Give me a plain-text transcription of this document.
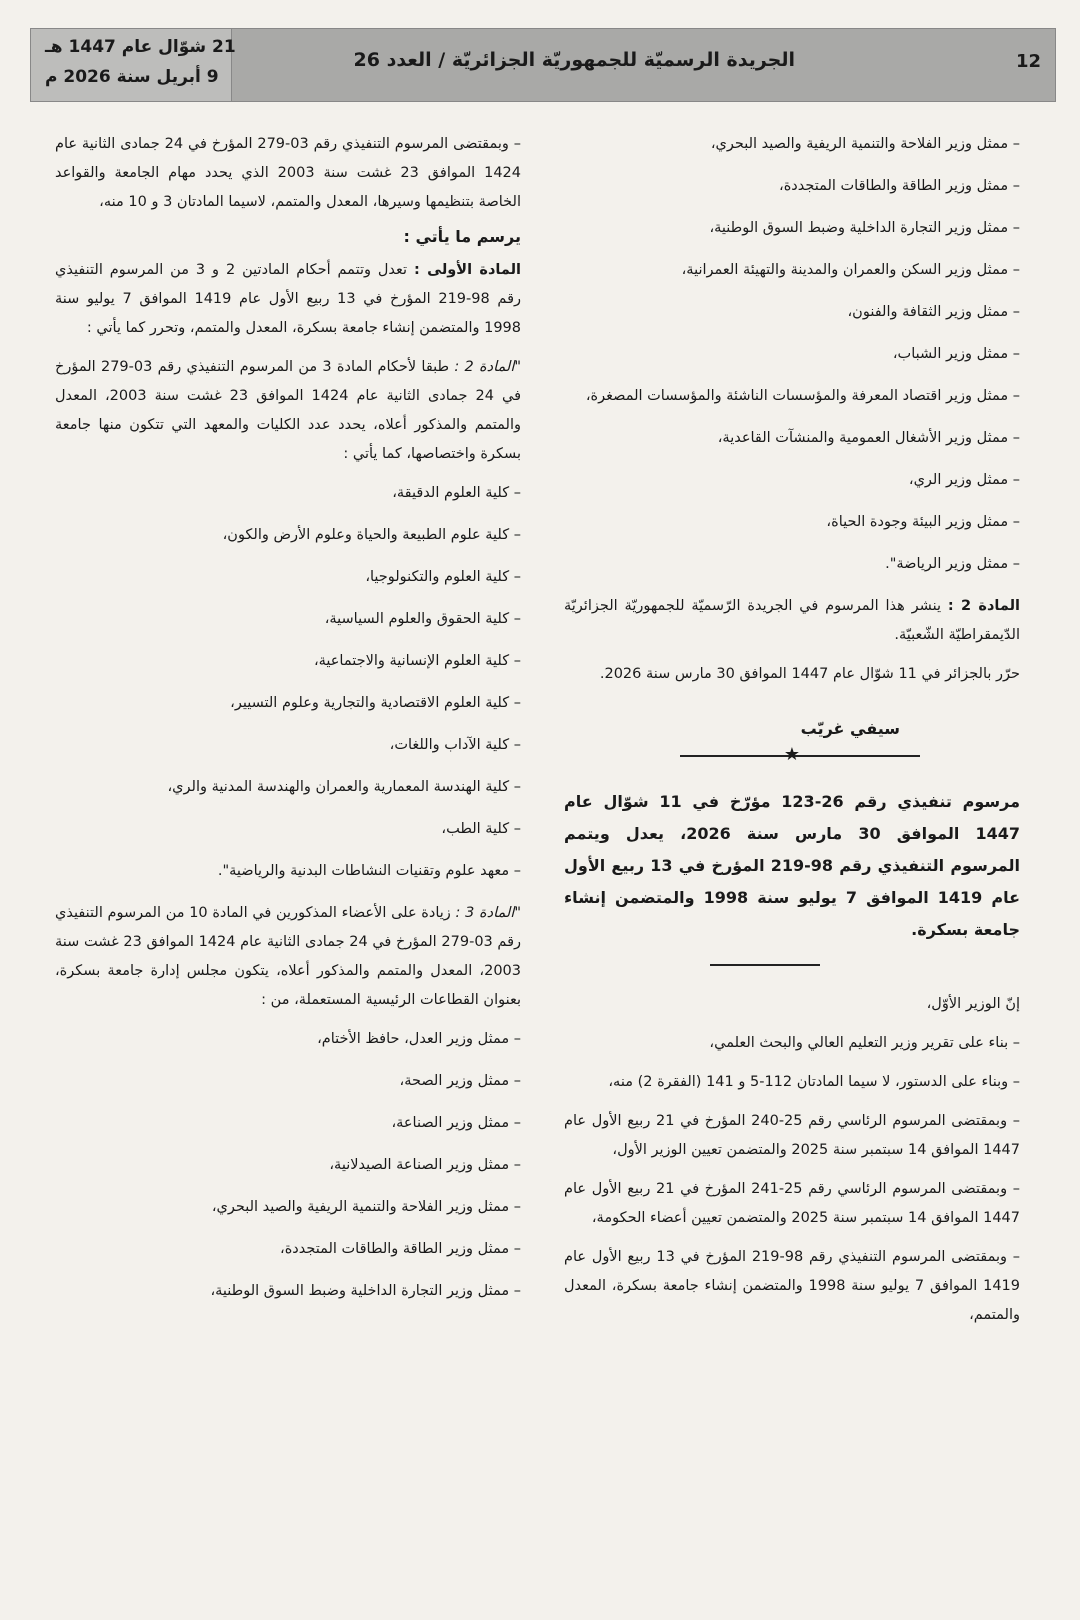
12
الجريدة الرسميّة للجمهوريّة الجزائريّة / العدد 26
21 شوّال عام 1447 هـ
9 أبريل سنة 2026 م
– ممثل وزير الفلاحة والتنمية الريفية والصيد البحري،
– ممثل وزير الطاقة والطاقات المتجددة،
– ممثل وزير التجارة الداخلية وضبط السوق الوطنية،
– ممثل وزير السكن والعمران والمدينة والتهيئة العمرانية،
– ممثل وزير الثقافة والفنون،
– ممثل وزير الشباب،
– ممثل وزير اقتصاد المعرفة والمؤسسات الناشئة والمؤسسات المصغرة،
– ممثل وزير الأشغال العمومية والمنشآت القاعدية،
– ممثل وزير الري،
– ممثل وزير البيئة وجودة الحياة،
– ممثل وزير الرياضة".

المادة 2 : ينشر هذا المرسوم في الجريدة الرّسميّة للجمهوريّة الجزائريّة الدّيمقراطيّة الشّعبيّة.

حرّر بالجزائر في 11 شوّال عام 1447 الموافق 30 مارس سنة 2026.

سيفي غريّب
★

مرسوم تنفيذي رقم 26-123 مؤرّخ في 11 شوّال عام 1447 الموافق 30 مارس سنة 2026، يعدل ويتمم المرسوم التنفيذي رقم 98-219 المؤرخ في 13 ربيع الأول عام 1419 الموافق 7 يوليو سنة 1998 والمتضمن إنشاء جامعة بسكرة.

إنّ الوزير الأوّل،

– بناء على تقرير وزير التعليم العالي والبحث العلمي،

– وبناء على الدستور، لا سيما المادتان 112-5 و 141 (الفقرة 2) منه،

– وبمقتضى المرسوم الرئاسي رقم 25-240 المؤرخ في 21 ربيع الأول عام 1447 الموافق 14 سبتمبر سنة 2025 والمتضمن تعيين الوزير الأول،

– وبمقتضى المرسوم الرئاسي رقم 25-241 المؤرخ في 21 ربيع الأول عام 1447 الموافق 14 سبتمبر سنة 2025 والمتضمن تعيين أعضاء الحكومة،

– وبمقتضى المرسوم التنفيذي رقم 98-219 المؤرخ في 13 ربيع الأول عام 1419 الموافق 7 يوليو سنة 1998 والمتضمن إنشاء جامعة بسكرة، المعدل والمتمم،

– وبمقتضى المرسوم التنفيذي رقم 03-279 المؤرخ في 24 جمادى الثانية عام 1424 الموافق 23 غشت سنة 2003 الذي يحدد مهام الجامعة والقواعد الخاصة بتنظيمها وسيرها، المعدل والمتمم، لاسيما المادتان 3 و 10 منه،

يرسم ما يأتي :

المادة الأولى : تعدل وتتمم أحكام المادتين 2 و 3 من المرسوم التنفيذي رقم 98-219 المؤرخ في 13 ربيع الأول عام 1419 الموافق 7 يوليو سنة 1998 والمتضمن إنشاء جامعة بسكرة، المعدل والمتمم، وتحرر كما يأتي :

"المادة 2 : طبقا لأحكام المادة 3 من المرسوم التنفيذي رقم 03-279 المؤرخ في 24 جمادى الثانية عام 1424 الموافق 23 غشت سنة 2003، المعدل والمتمم والمذكور أعلاه، يحدد عدد الكليات والمعهد التي تتكون منها جامعة بسكرة واختصاصها، كما يأتي :

– كلية العلوم الدقيقة،
– كلية علوم الطبيعة والحياة وعلوم الأرض والكون،
– كلية العلوم والتكنولوجيا،
– كلية الحقوق والعلوم السياسية،
– كلية العلوم الإنسانية والاجتماعية،
– كلية العلوم الاقتصادية والتجارية وعلوم التسيير،
– كلية الآداب واللغات،
– كلية الهندسة المعمارية والعمران والهندسة المدنية والري،
– كلية الطب،
– معهد علوم وتقنيات النشاطات البدنية والرياضية".

"المادة 3 : زيادة على الأعضاء المذكورين في المادة 10 من المرسوم التنفيذي رقم 03-279 المؤرخ في 24 جمادى الثانية عام 1424 الموافق 23 غشت سنة 2003، المعدل والمتمم والمذكور أعلاه، يتكون مجلس إدارة جامعة بسكرة، بعنوان القطاعات الرئيسية المستعملة، من :

– ممثل وزير العدل، حافظ الأختام،
– ممثل وزير الصحة،
– ممثل وزير الصناعة،
– ممثل وزير الصناعة الصيدلانية،
– ممثل وزير الفلاحة والتنمية الريفية والصيد البحري،
– ممثل وزير الطاقة والطاقات المتجددة،
– ممثل وزير التجارة الداخلية وضبط السوق الوطنية،
